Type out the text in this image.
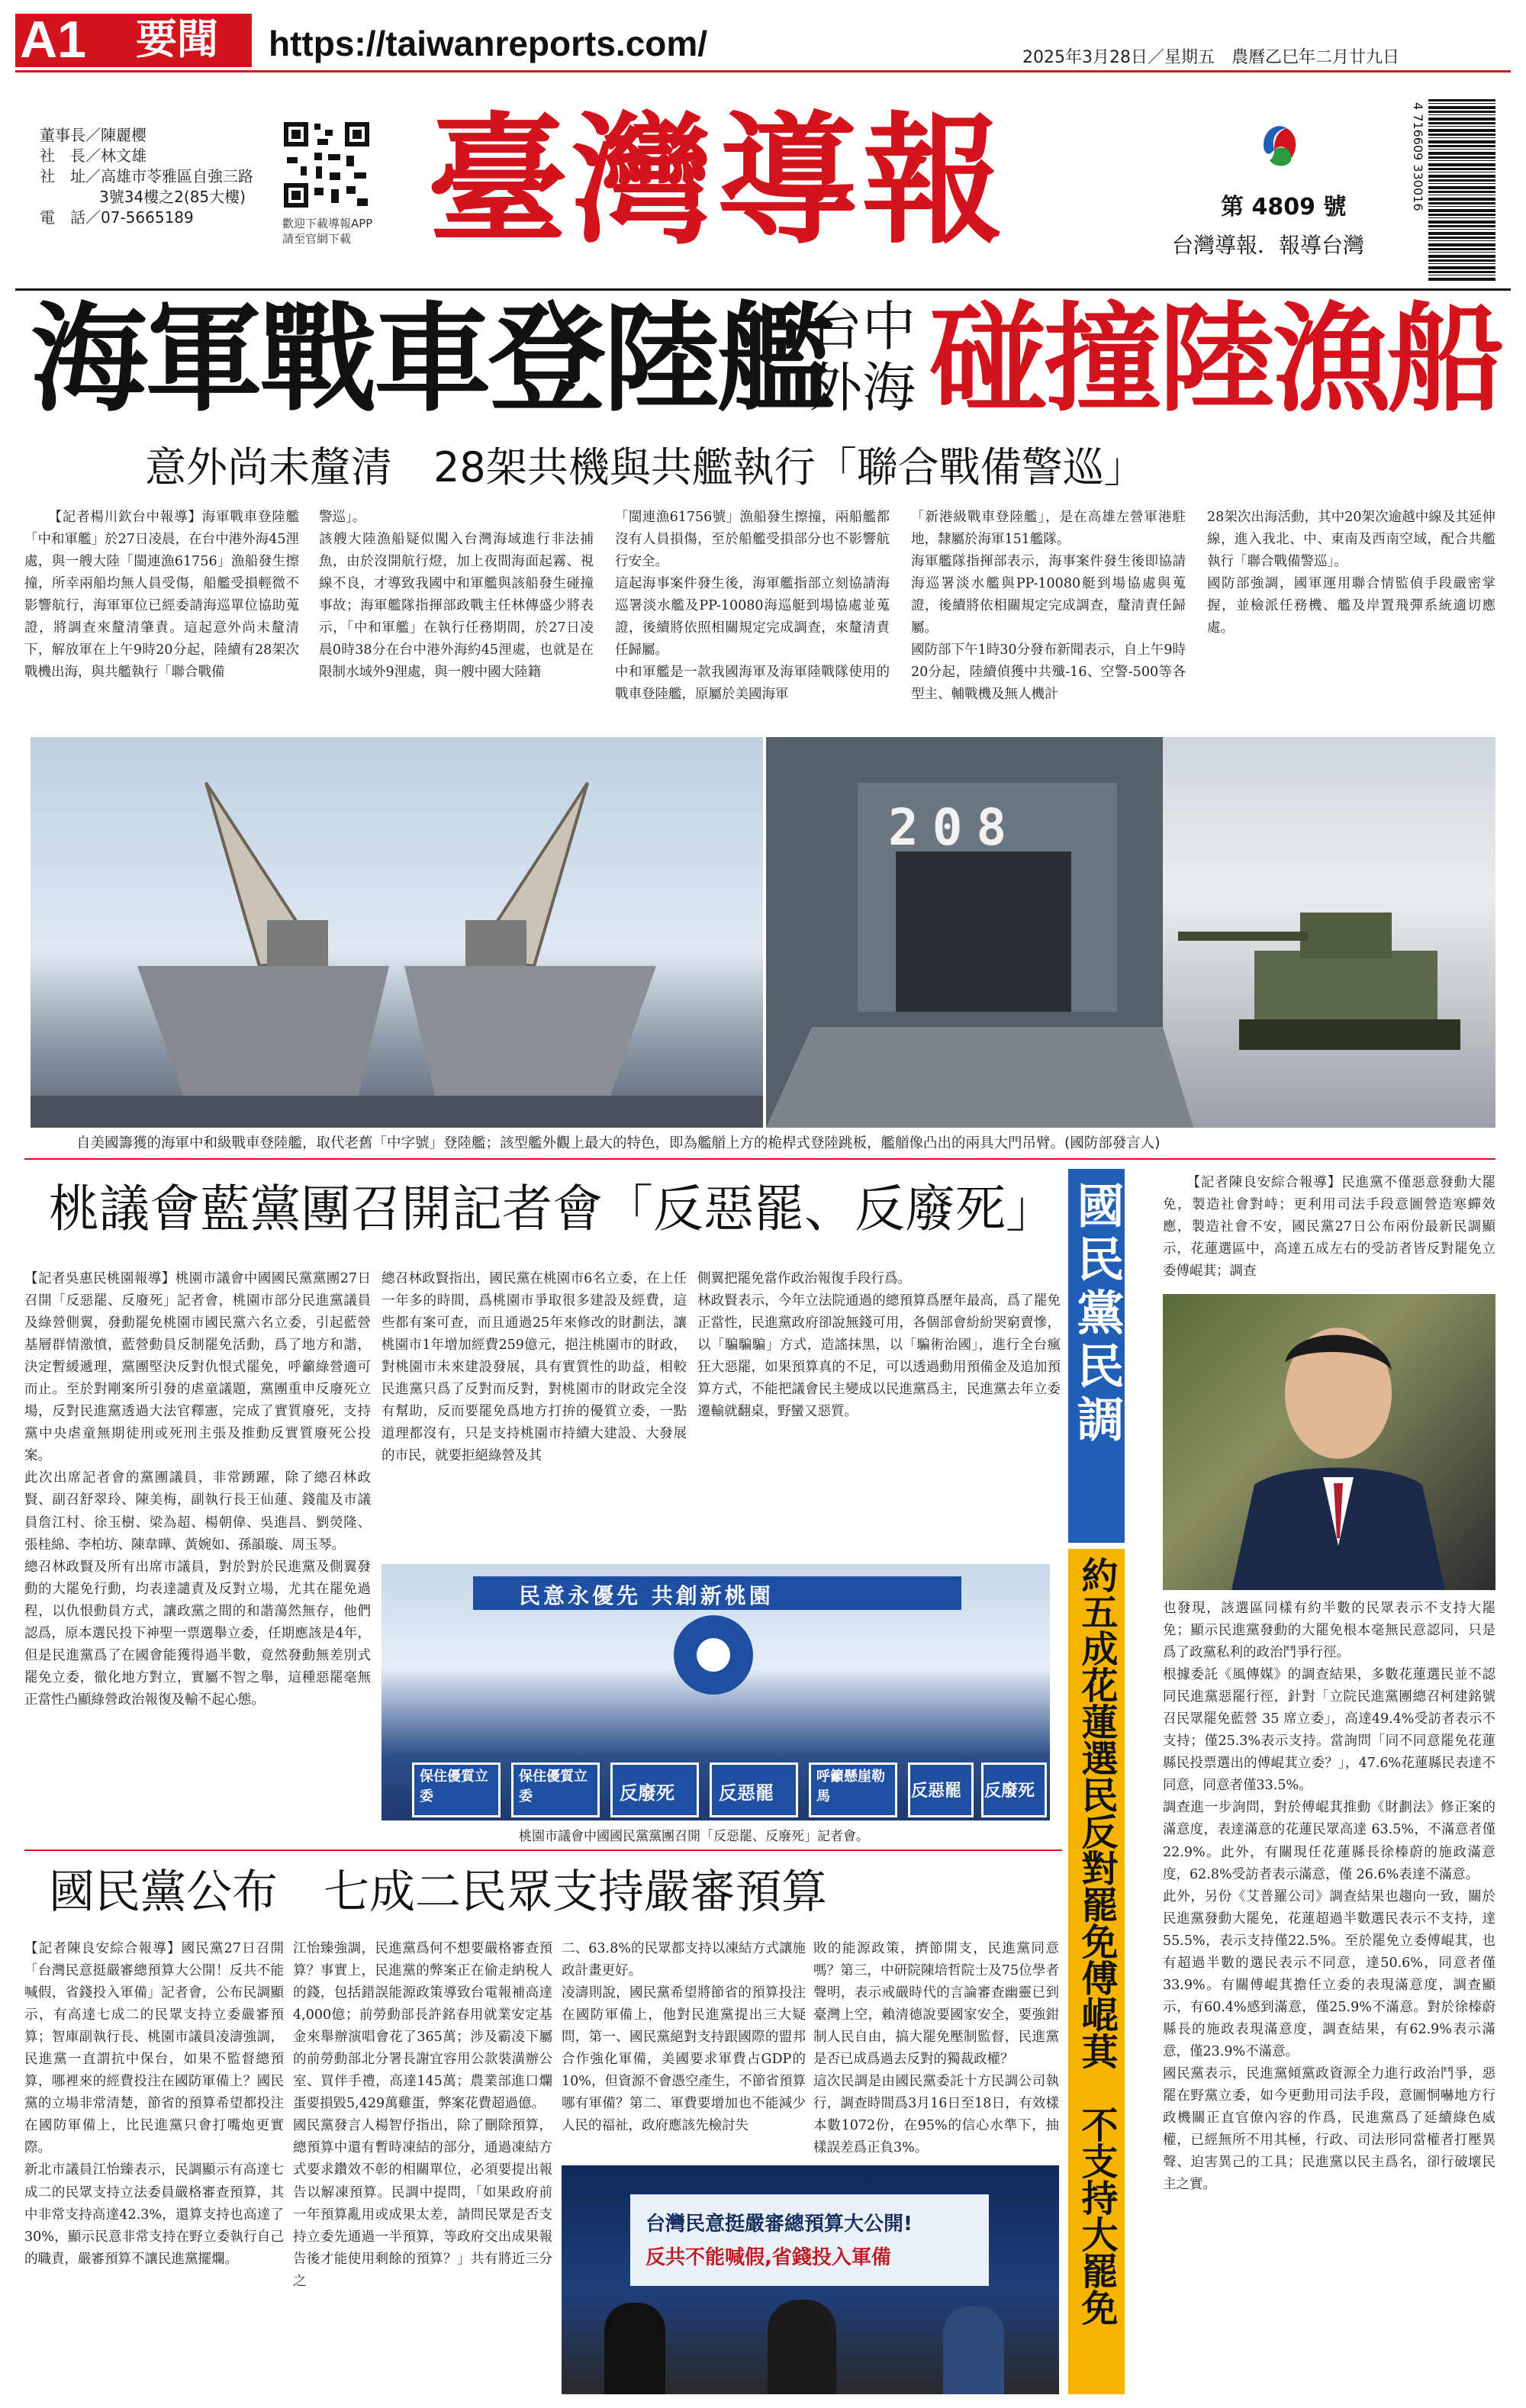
A1 要聞 https://taiwanreports.com/	2025年3月28日／星期五　農曆乙巳年二月廿九日
董事長／陳麗櫻
社　長／林文雄
社　址／高雄市苓雅區自強三路
3號34樓之2(85大樓)
電　話／07-5665189	歡迎下載導報APP
請至官網下載 臺灣導報	第 4809 號
台灣導報．報導台灣
4 716609 330016
海軍戰車登陸艦
台中
外海 碰撞陸漁船
意外尚未釐清　28架共機與共艦執行「聯合戰備警巡」

【記者楊川欽台中報導】海軍戰車登陸艦「中和軍艦」於27日凌晨，在台中港外海45浬處，與一艘大陸「閩連漁61756」漁船發生擦撞，所幸兩船均無人員受傷，船艦受損輕微不影響航行，海軍軍位已經委請海巡單位協助蒐證，將調查來釐清肇責。這起意外尚未釐清下，解放軍在上午9時20分起，陸續有28架次戰機出海，與共艦執行「聯合戰備

警巡」。
該艘大陸漁船疑似闖入台灣海域進行非法捕魚，由於沒開航行燈，加上夜間海面起霧、視線不良，才導致我國中和軍艦與該船發生碰撞事故；海軍艦隊指揮部政戰主任林傳盛少將表示，「中和軍艦」在執行任務期間，於27日凌晨0時38分在台中港外海約45浬處，也就是在限制水域外9浬處，與一艘中國大陸籍

「閩連漁61756號」漁船發生擦撞，兩船艦都沒有人員損傷，至於船艦受損部分也不影響航行安全。
這起海事案件發生後，海軍艦指部立刻協請海巡署淡水艦及PP-10080海巡艇到場協處並蒐證，後續將依照相關規定完成調查，來釐清責任歸屬。
中和軍艦是一款我國海軍及海軍陸戰隊使用的戰車登陸艦，原屬於美國海軍

「新港級戰車登陸艦」，是在高雄左營軍港駐地，隸屬於海軍151艦隊。
海軍艦隊指揮部表示，海事案件發生後即協請海巡署淡水艦與PP-10080艇到場協處與蒐證，後續將依相關規定完成調查，釐清責任歸屬。
國防部下午1時30分發布新聞表示，自上午9時20分起，陸續偵獲中共殲-16、空警-500等各型主、輔戰機及無人機計

28架次出海活動，其中20架次逾越中線及其延伸線，進入我北、中、東南及西南空域，配合共艦執行「聯合戰備警巡」。
國防部強調，國軍運用聯合情監偵手段嚴密掌握，並檢派任務機、艦及岸置飛彈系統適切應處。

208
自美國籌獲的海軍中和級戰車登陸艦，取代老舊「中字號」登陸艦；該型艦外觀上最大的特色，即為艦艏上方的桅桿式登陸跳板，艦艏像凸出的兩具大門吊臂。(國防部發言人)
桃議會藍黨團召開記者會「反惡罷、反廢死」

【記者吳惠民桃園報導】桃園市議會中國國民黨黨團27日召開「反惡罷、反廢死」記者會，桃園市部分民進黨議員及綠營側翼，發動罷免桃園市國民黨六名立委，引起藍營基層群情激憤，藍營動員反制罷免活動，爲了地方和諧，決定暫緩遞理，黨團堅決反對仇恨式罷免，呼籲綠營適可而止。至於對剛案所引發的虐童議題，黨團重申反廢死立場，反對民進黨透過大法官釋憲，完成了實質廢死，支持黨中央虐童無期徒刑或死刑主張及推動反實質廢死公投案。
此次出席記者會的黨團議員，非常踴躍，除了總召林政賢、副召舒翠玲、陳美梅，副執行長王仙蓮、錢龍及市議員詹江村、徐玉樹、梁為超、楊朝偉、吳進昌、劉熒隆、張桂綿、李柏坊、陳韋曄、黃婉如、孫韻璇、周玉琴。
總召林政賢及所有出席市議員，對於對於民進黨及側翼發動的大罷免行動，均表達譴責及反對立場，尤其在罷免過程，以仇恨動員方式，讓政黨之間的和諧蕩然無存，他們認爲，原本選民投下神聖一票選舉立委，任期應該是4年，但是民進黨爲了在國會能獲得過半數，竟然發動無差別式罷免立委，徹化地方對立，實屬不智之舉，這種惡罷毫無正當性凸顯綠營政治報復及輸不起心態。

總召林政賢指出，國民黨在桃園市6名立委，在上任一年多的時間，爲桃園市爭取很多建設及經費，這些都有案可查，而且通過25年來修改的財劃法，讓桃園市1年增加經費259億元，挹注桃園市的財政，對桃園市未來建設發展，具有實質性的助益，相較民進黨只爲了反對而反對，對桃園市的財政完全沒有幫助，反而要罷免爲地方打拚的優質立委，一點道理都沒有，只是支持桃園市持續大建設、大發展的市民，就要拒絕綠營及其

側翼把罷免當作政治報復手段行爲。
林政賢表示，今年立法院通過的總預算爲歷年最高，爲了罷免正當性，民進黨政府卻說無錢可用，各個部會紛紛哭窮賣慘，以「騙騙騙」方式，造謠抹黑，以「騙術治國」，進行全台瘋狂大惡罷，如果預算真的不足，可以透過動用預備金及追加預算方式，不能把議會民主變成以民進黨爲主，民進黨去年立委遷輸就翻桌，野蠻又惡質。

民意永優先 共創新桃園
保住優質立委
保住優質立委	反廢死 反惡罷
呼籲懸崖勒馬	反惡罷 反廢死
桃園市議會中國國民黨黨團召開「反惡罷、反廢死」記者會。
國民黨民調
約五成花蓮選民反對罷免傅崐萁　不支持大罷免

【記者陳良安綜合報導】民進黨不僅惡意發動大罷免，製造社會對峙；更利用司法手段意圖營造寒蟬效應，製造社會不安，國民黨27日公布兩份最新民調顯示，花蓮選區中，高達五成左右的受訪者皆反對罷免立委傅崐萁；調查

也發現，該選區同樣有約半數的民眾表示不支持大罷免；顯示民進黨發動的大罷免根本毫無民意認同，只是爲了政黨私利的政治鬥爭行徑。
根據委託《風傳媒》的調查結果，多數花蓮選民並不認同民進黨惡罷行徑，針對「立院民進黨團總召柯建銘號召民眾罷免藍營 35 席立委」，高達49.4%受訪者表示不支持；僅25.3%表示支持。當詢問「同不同意罷免花蓮縣民投票選出的傅崐萁立委？」，47.6%花蓮縣民表達不同意，同意者僅33.5%。
調查進一步詢問，對於傅崐萁推動《財劃法》修正案的滿意度，表達滿意的花蓮民眾高達 63.5%，不滿意者僅22.9%。此外，有關現任花蓮縣長徐榛蔚的施政滿意度，62.8%受訪者表示滿意，僅 26.6%表達不滿意。
此外，另份《艾普羅公司》調查結果也趨向一致，關於民進黨發動大罷免，花蓮超過半數選民表示不支持，達55.5%，表示支持僅22.5%。至於罷免立委傅崐萁，也有超過半數的選民表示不同意，達50.6%，同意者僅33.9%。有關傅崐萁擔任立委的表現滿意度，調查顯示，有60.4%感到滿意，僅25.9%不滿意。對於徐榛蔚縣長的施政表現滿意度，調查結果，有62.9%表示滿意，僅23.9%不滿意。
國民黨表示，民進黨傾黨政資源全力進行政治鬥爭，惡罷在野黨立委，如今更動用司法手段，意圖恫嚇地方行政機關正直官僚內容的作爲，民進黨爲了延續綠色威權，已經無所不用其極，行政、司法形同當權者打壓異聲、迫害異己的工具；民進黨以民主爲名，卻行破壞民主之實。

國民黨公布　七成二民眾支持嚴審預算

【記者陳良安綜合報導】國民黨27日召開「台灣民意挺嚴審總預算大公開！反共不能喊假，省錢投入軍備」記者會，公布民調顯示，有高達七成二的民眾支持立委嚴審預算；智庫副執行長、桃園市議員凌濤強調，民進黨一直謂抗中保台，如果不監督總預算，哪裡來的經費投注在國防軍備上？國民黨的立場非常清楚，節省的預算希望都投注在國防軍備上，比民進黨只會打嘴炮更實際。
新北市議員江怡臻表示，民調顯示有高達七成二的民眾支持立法委員嚴格審查預算，其中非常支持高達42.3%，還算支持也高達了30%，顯示民意非常支持在野立委執行自己的職責，嚴審預算不讓民進黨擺爛。

江怡臻強調，民進黨爲何不想要嚴格審查預算？事實上，民進黨的弊案正在偷走納稅人的錢，包括錯誤能源政策導致台電報補高達4,000億；前勞動部長許銘春用就業安定基金來舉辦演唱會花了365萬；涉及霸凌下屬的前勞動部北分署長謝宜容用公款裝潢辦公室、買伴手禮，高達145萬；農業部進口爛蛋要損毀5,429萬雞蛋，弊案花費超過億。
國民黨發言人楊智伃指出，除了刪除預算，總預算中還有暫時凍結的部分，通過凍結方式要求鑽效不彰的相關單位，必須要提出報告以解凍預算。民調中提問，「如果政府前一年預算亂用或成果太差，請問民眾是否支持立委先通過一半預算，等政府交出成果報告後才能使用剩餘的預算？」共有將近三分之

二、63.8%的民眾都支持以凍結方式讓施政計畫更好。
凌濤則說，國民黨希望將節省的預算投注在國防軍備上，他對民進黨提出三大疑問，第一、國民黨絕對支持跟國際的盟邦合作強化軍備，美國要求軍費占GDP的10%，但資源不會憑空產生，不節省預算哪有軍備？第二、軍費要增加也不能減少人民的福祉，政府應該先檢討失

敗的能源政策，擠節開支，民進黨同意嗎？第三，中研院陳培哲院士及75位學者聲明，表示戒嚴時代的言論審查幽靈已到臺灣上空，賴清德說要國家安全，要強鉗制人民自由，搞大罷免壓制監督，民進黨是否已成爲過去反對的獨裁政權？
這次民調是由國民黨委託十方民調公司執行，調查時間爲3月16日至18日，有效樣本數1072份，在95%的信心水準下，抽樣誤差爲正負3%。

台灣民意挺嚴審總預算大公開!
反共不能喊假,省錢投入軍備
